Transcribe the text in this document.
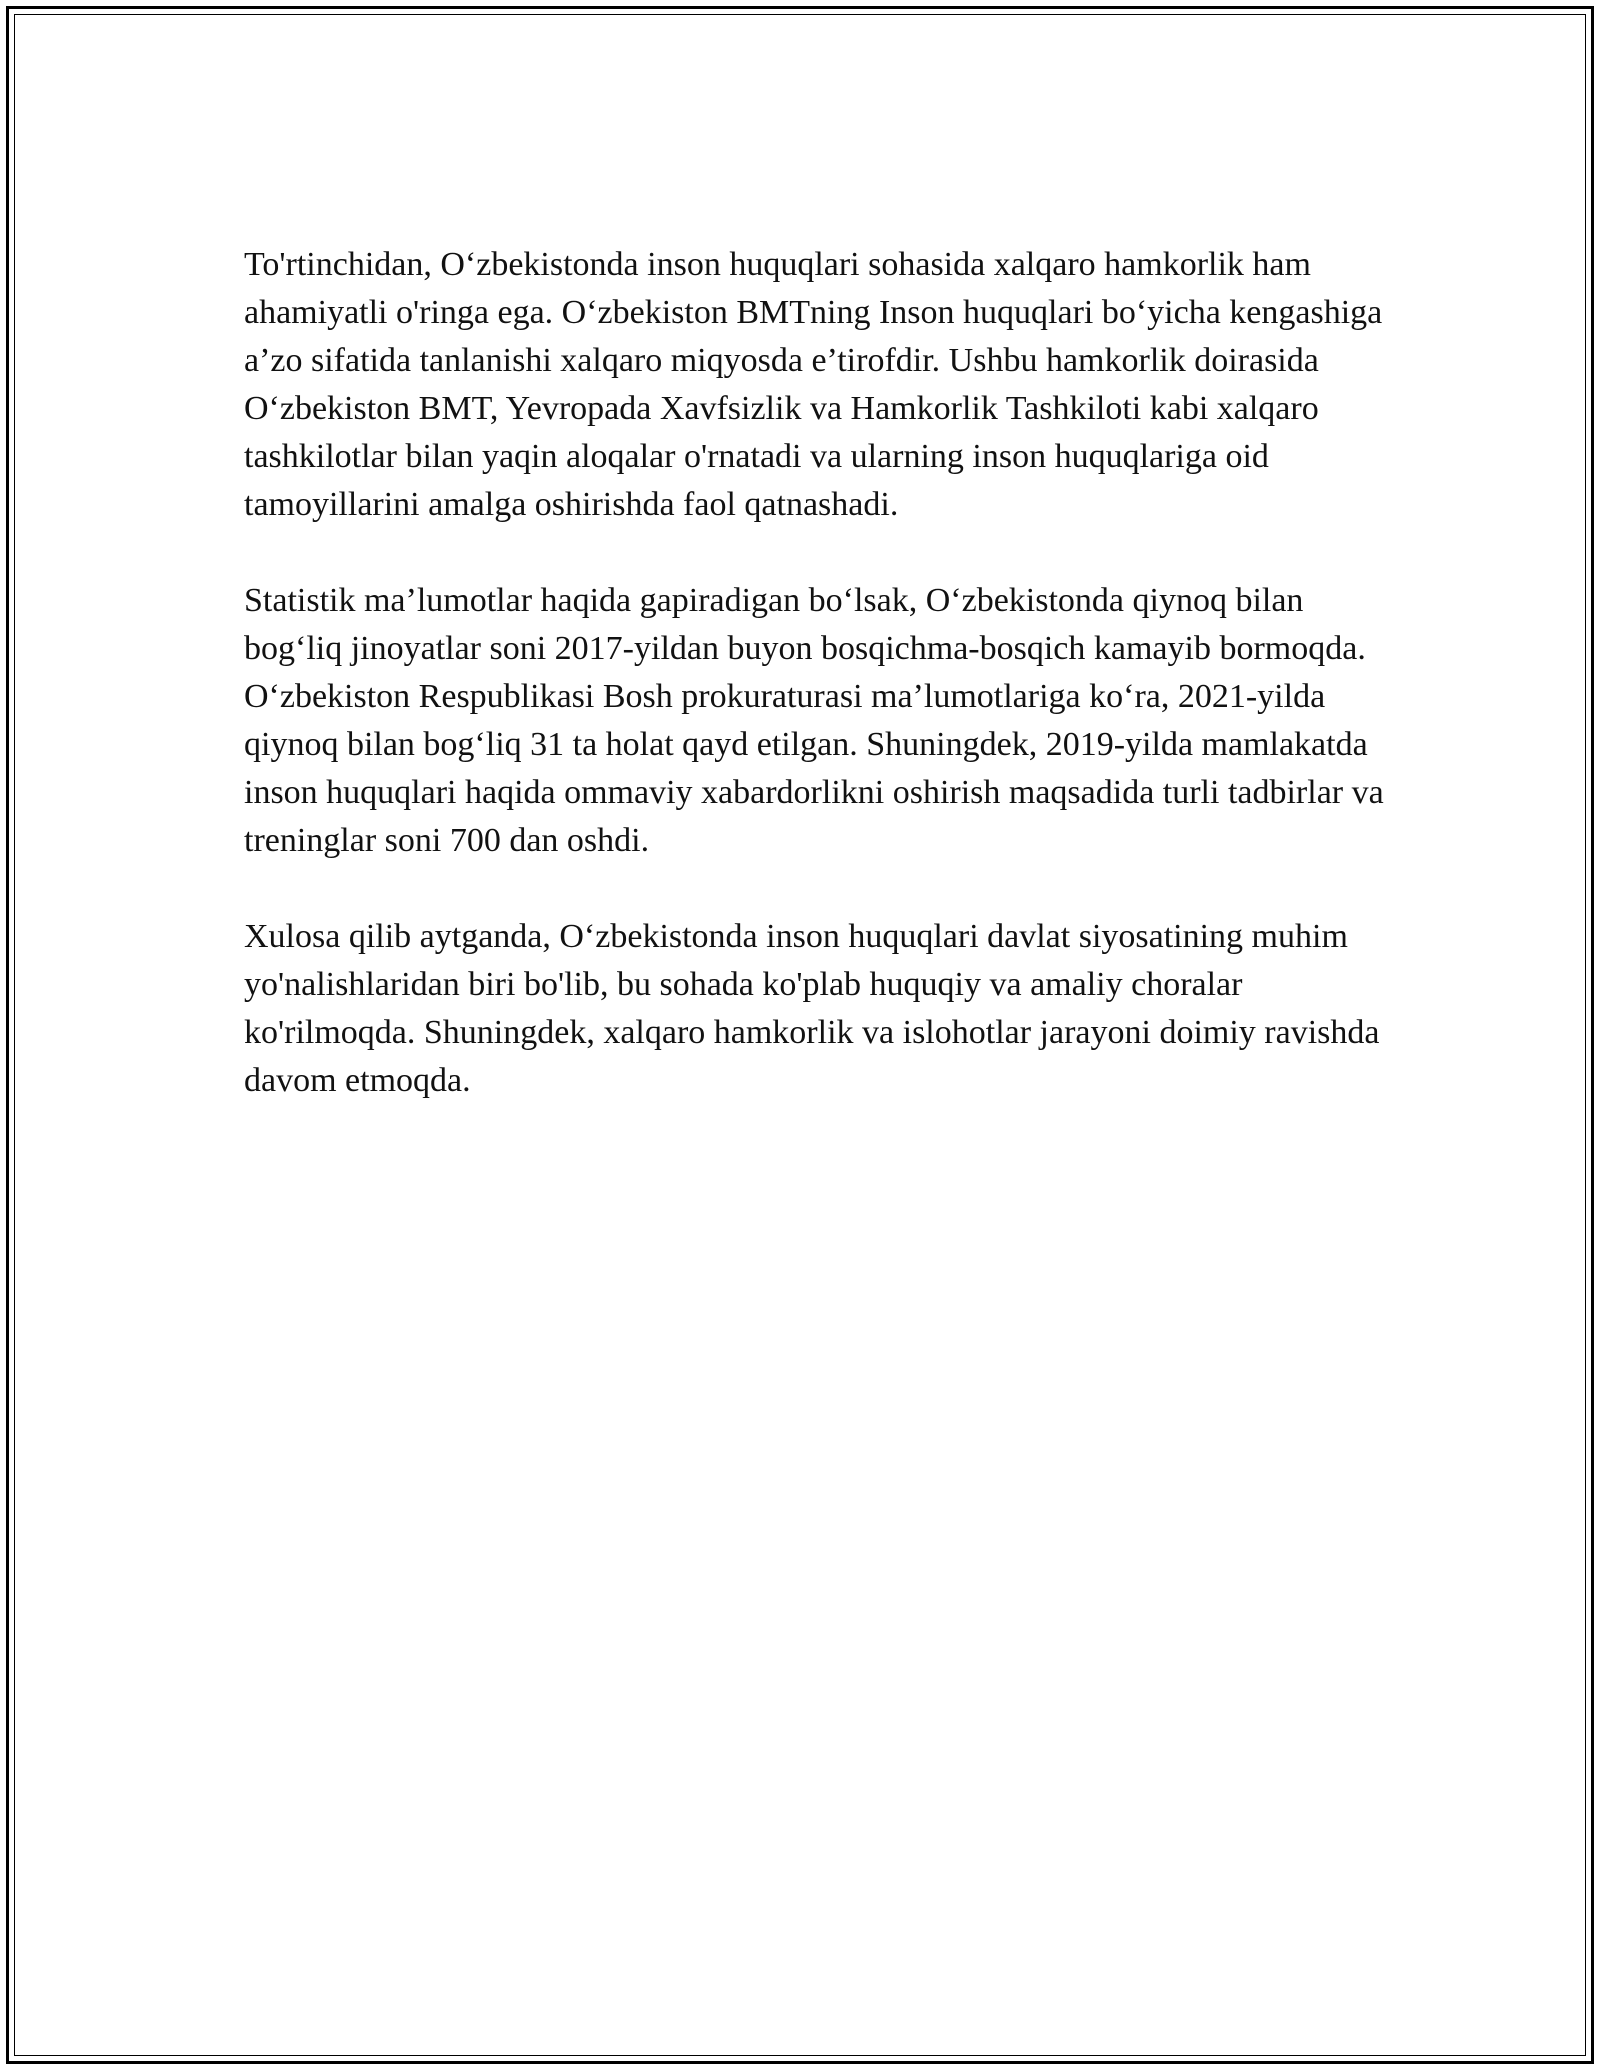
To'rtinchidan, O‘zbekistonda inson huquqlari sohasida xalqaro hamkorlik ham ahamiyatli o'ringa ega. O‘zbekiston BMTning Inson huquqlari bo‘yicha kengashiga a’zo sifatida tanlanishi xalqaro miqyosda e’tirofdir. Ushbu hamkorlik doirasida O‘zbekiston BMT, Yevropada Xavfsizlik va Hamkorlik Tashkiloti kabi xalqaro tashkilotlar bilan yaqin aloqalar o'rnatadi va ularning inson huquqlariga oid tamoyillarini amalga oshirishda faol qatnashadi.

Statistik ma’lumotlar haqida gapiradigan bo‘lsak, O‘zbekistonda qiynoq bilan bog‘liq jinoyatlar soni 2017-yildan buyon bosqichma-bosqich kamayib bormoqda. O‘zbekiston Respublikasi Bosh prokuraturasi ma’lumotlariga ko‘ra, 2021-yilda qiynoq bilan bog‘liq 31 ta holat qayd etilgan. Shuningdek, 2019-yilda mamlakatda inson huquqlari haqida ommaviy xabardorlikni oshirish maqsadida turli tadbirlar va treninglar soni 700 dan oshdi.

Xulosa qilib aytganda, O‘zbekistonda inson huquqlari davlat siyosatining muhim yo'nalishlaridan biri bo'lib, bu sohada ko'plab huquqiy va amaliy choralar ko'rilmoqda. Shuningdek, xalqaro hamkorlik va islohotlar jarayoni doimiy ravishda davom etmoqda.
